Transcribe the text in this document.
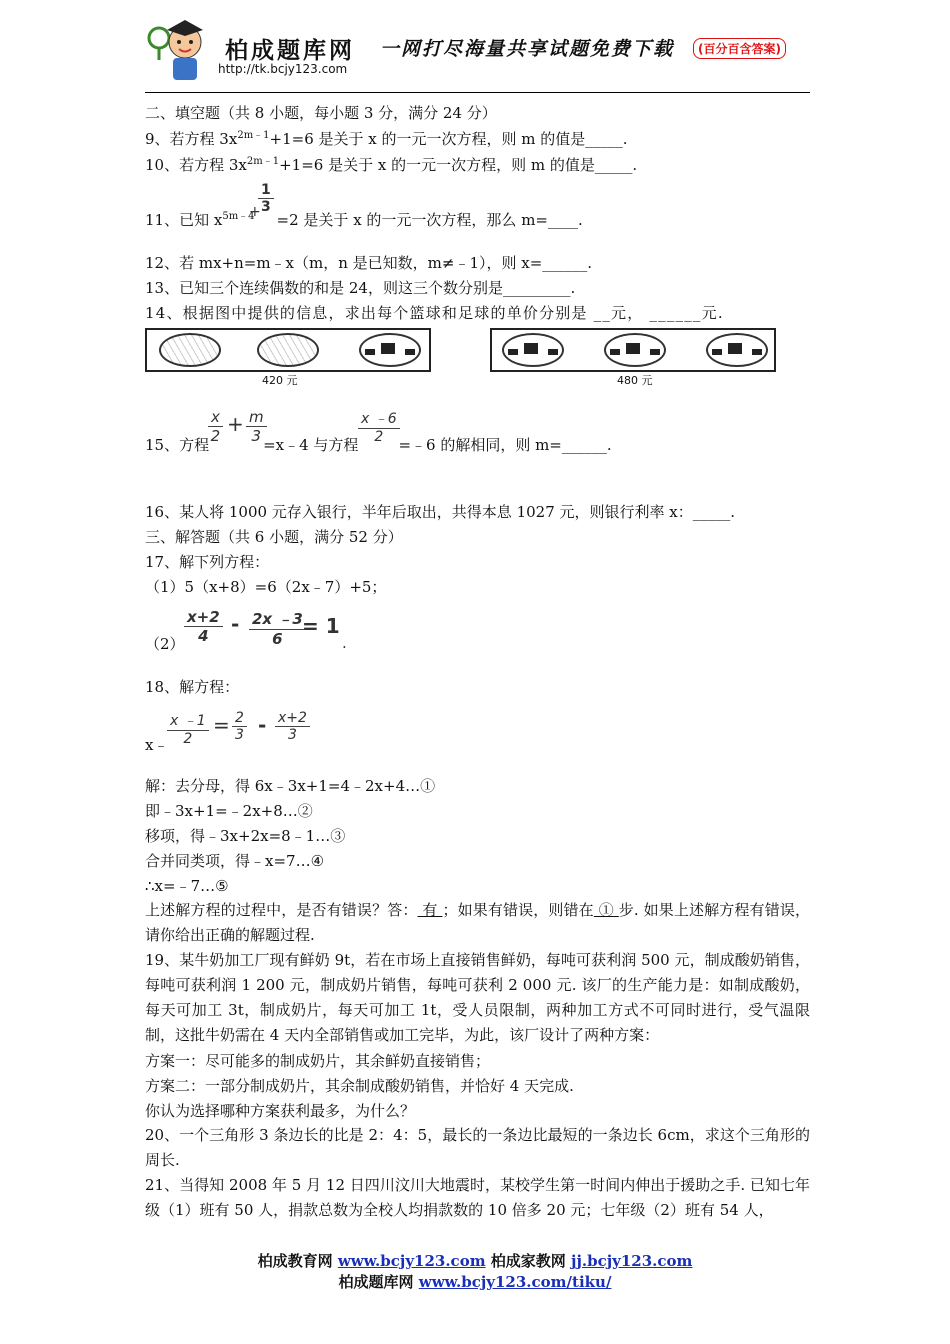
柏成题库网 一网打尽海量共享试题免费下载	(百分百含答案)
http://tk.bcjy123.com
二、填空题（共 8 小题，每小题 3 分，满分 24 分）
9、若方程 $3x^{2m﹣1}+1=6$ 是关于 x 的一元一次方程，则 m 的值是_____.
10、若方程 $3x^{2m﹣1}+1=6$ 是关于 x 的一元一次方程，则 m 的值是_____.
11、已知 $x^{5m﹣4} =2$ 是关于 x 的一元一次方程，那么 m=____.
$\frac{1}{3}$
+
12、若 mx+n=m﹣x（m，n 是已知数，m≠﹣1），则 x=______.
13、已知三个连续偶数的和是 24，则这三个数分别是_________.
14、根据图中提供的信息，求出每个篮球和足球的单价分别是 __元， ______元.
420 元	480 元
15、方程	=x﹣4 与方程	=﹣6 的解相同，则 m=______.
$\frac{x}{2} + \frac{m}{3}$	$\frac{x ﹣6}{2}$
16、某人将 1000 元存入银行，半年后取出，共得本息 1027 元，则银行利率 x：_____.
三、解答题（共 6 小题，满分 52 分）
17、解下列方程：
（1）5（x+8）=6（2x﹣7）+5；
$(2) \frac{x+2}{4} - \frac{2x ﹣3}{6}$
= 1
.
18、解方程：
x﹣
$\frac{x ﹣1}{2} = \frac{2}{3} - \frac{x+2}{3}$
解：去分母，得 6x﹣3x+1=4﹣2x+4…①
即﹣3x+1=﹣2x+8…②
移项，得﹣3x+2x=8﹣1…③
合并同类项，得﹣x=7…④
∴x=﹣7…⑤
上述解方程的过程中，是否有错误？答： 有 ；如果有错误，则错在 ① 步. 如果上述解方程有错误，请你给出正确的解题过程.
19、某牛奶加工厂现有鲜奶 9t，若在市场上直接销售鲜奶，每吨可获利润 500 元，制成酸奶销售，每吨可获利润 1 200 元，制成奶片销售，每吨可获利 2 000 元. 该厂的生产能力是：如制成酸奶，每天可加工 3t，制成奶片，每天可加工 1t，受人员限制，两种加工方式不可同时进行，受气温限制，这批牛奶需在 4 天内全部销售或加工完毕，为此，该厂设计了两种方案：
方案一：尽可能多的制成奶片，其余鲜奶直接销售；
方案二：一部分制成奶片，其余制成酸奶销售，并恰好 4 天完成.
你认为选择哪种方案获利最多，为什么？
20、一个三角形 3 条边长的比是 2：4：5，最长的一条边比最短的一条边长 6cm，求这个三角形的周长.
21、当得知 2008 年 5 月 12 日四川汶川大地震时，某校学生第一时间内伸出于援助之手. 已知七年级（1）班有 50 人，捐款总数为全校人均捐款数的 10 倍多 20 元；七年级（2）班有 54 人，
柏成教育网 www.bcjy123.com 柏成家教网 jj.bcjy123.com
柏成题库网 www.bcjy123.com/tiku/
